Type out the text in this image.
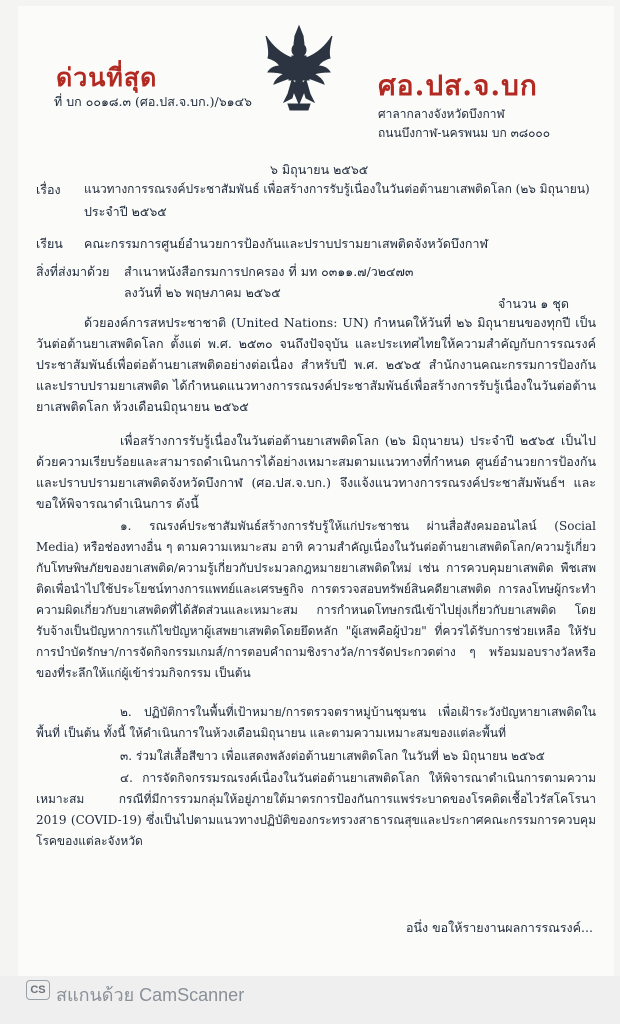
ด่วนที่สุด
ที่ บก ๐๐๑๘.๓ (ศอ.ปส.จ.บก.)/๖๑๔๖	ศอ.ปส.จ.บก
ศาลากลางจังหวัดบึงกาฬ
ถนนบึงกาฬ-นครพนม บก ๓๘๐๐๐
๖ มิถุนายน ๒๕๖๕
เรื่อง แนวทางการรณรงค์ประชาสัมพันธ์ เพื่อสร้างการรับรู้เนื่องในวันต่อต้านยาเสพติดโลก (๒๖ มิถุนายน)
ประจำปี ๒๕๖๕
เรียน คณะกรรมการศูนย์อำนวยการป้องกันและปราบปรามยาเสพติดจังหวัดบึงกาฬ
สิ่งที่ส่งมาด้วย สำเนาหนังสือกรมการปกครอง ที่ มท ๐๓๑๑.๗/ว๒๔๗๓
ลงวันที่ ๒๖ พฤษภาคม ๒๕๖๕
จำนวน ๑ ชุด
ด้วยองค์การสหประชาชาติ (United Nations: UN) กำหนดให้วันที่ ๒๖ มิถุนายนของทุกปี เป็นวันต่อต้านยาเสพติดโลก ตั้งแต่ พ.ศ. ๒๕๓๐ จนถึงปัจจุบัน และประเทศไทยให้ความสำคัญกับการรณรงค์ประชาสัมพันธ์เพื่อต่อต้านยาเสพติดอย่างต่อเนื่อง สำหรับปี พ.ศ. ๒๕๖๕ สำนักงานคณะกรรมการป้องกันและปราบปรามยาเสพติด ได้กำหนดแนวทางการรณรงค์ประชาสัมพันธ์เพื่อสร้างการรับรู้เนื่องในวันต่อต้านยาเสพติดโลก ห้วงเดือนมิถุนายน ๒๕๖๕
เพื่อสร้างการรับรู้เนื่องในวันต่อต้านยาเสพติดโลก (๒๖ มิถุนายน) ประจำปี ๒๕๖๕ เป็นไปด้วยความเรียบร้อยและสามารถดำเนินการได้อย่างเหมาะสมตามแนวทางที่กำหนด ศูนย์อำนวยการป้องกันและปราบปรามยาเสพติดจังหวัดบึงกาฬ (ศอ.ปส.จ.บก.) จึงแจ้งแนวทางการรณรงค์ประชาสัมพันธ์ฯ และขอให้พิจารณาดำเนินการ ดังนี้
๑. รณรงค์ประชาสัมพันธ์สร้างการรับรู้ให้แก่ประชาชน ผ่านสื่อสังคมออนไลน์ (Social Media) หรือช่องทางอื่น ๆ ตามความเหมาะสม อาทิ ความสำคัญเนื่องในวันต่อต้านยาเสพติดโลก/ความรู้เกี่ยวกับโทษพิษภัยของยาเสพติด/ความรู้เกี่ยวกับประมวลกฎหมายยาเสพติดใหม่ เช่น การควบคุมยาเสพติด พืชเสพติดเพื่อนำไปใช้ประโยชน์ทางการแพทย์และเศรษฐกิจ การตรวจสอบทรัพย์สินคดียาเสพติด การลงโทษผู้กระทำความผิดเกี่ยวกับยาเสพติดที่ได้สัดส่วนและเหมาะสม การกำหนดโทษกรณีเข้าไปยุ่งเกี่ยวกับยาเสพติด โดยรับจ้างเป็นปัญหาการแก้ไขปัญหาผู้เสพยาเสพติดโดยยึดหลัก "ผู้เสพคือผู้ป่วย" ที่ควรได้รับการช่วยเหลือ ให้รับการบำบัดรักษา/การจัดกิจกรรมเกมส์/การตอบคำถามชิงรางวัล/การจัดประกวดต่าง ๆ พร้อมมอบรางวัลหรือของที่ระลึกให้แก่ผู้เข้าร่วมกิจกรรม เป็นต้น
๒. ปฏิบัติการในพื้นที่เป้าหมาย/การตรวจตราหมู่บ้านชุมชน เพื่อเฝ้าระวังปัญหายาเสพติดในพื้นที่ เป็นต้น ทั้งนี้ ให้ดำเนินการในห้วงเดือนมิถุนายน และตามความเหมาะสมของแต่ละพื้นที่
๓. ร่วมใส่เสื้อสีขาว เพื่อแสดงพลังต่อต้านยาเสพติดโลก ในวันที่ ๒๖ มิถุนายน ๒๕๖๕
๔. การจัดกิจกรรมรณรงค์เนื่องในวันต่อต้านยาเสพติดโลก ให้พิจารณาดำเนินการตามความเหมาะสม กรณีที่มีการรวมกลุ่มให้อยู่ภายใต้มาตรการป้องกันการแพร่ระบาดของโรคติดเชื้อไวรัสโคโรนา 2019 (COVID-19) ซึ่งเป็นไปตามแนวทางปฏิบัติของกระทรวงสาธารณสุขและประกาศคณะกรรมการควบคุมโรคของแต่ละจังหวัด
อนึ่ง ขอให้รายงานผลการรณรงค์...
CS สแกนด้วย CamScanner
